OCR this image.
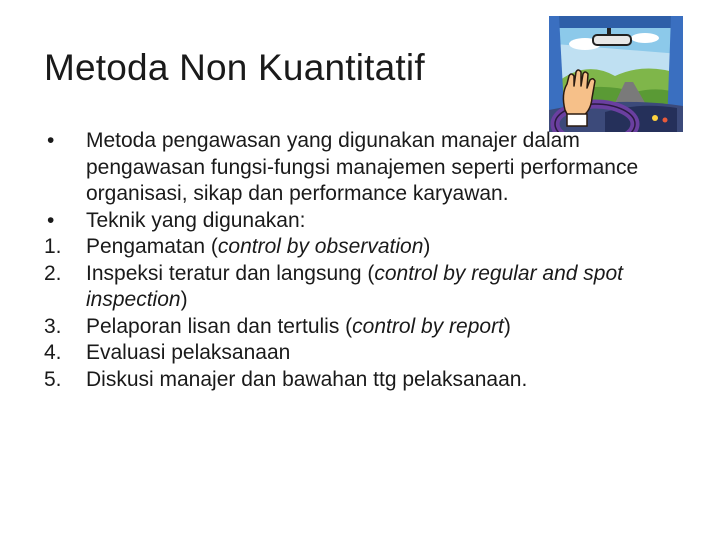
Metoda Non Kuantitatif
•	Metoda pengawasan yang digunakan manajer dalam pengawasan fungsi-fungsi manajemen seperti performance organisasi, sikap dan performance karyawan.
•	Teknik yang digunakan:
1.	Pengamatan (control by observation)
2.	Inspeksi teratur dan langsung (control by regular and spot inspection)
3.	Pelaporan lisan dan tertulis (control by report)
4.	Evaluasi pelaksanaan
5.	Diskusi manajer dan bawahan ttg pelaksanaan.
